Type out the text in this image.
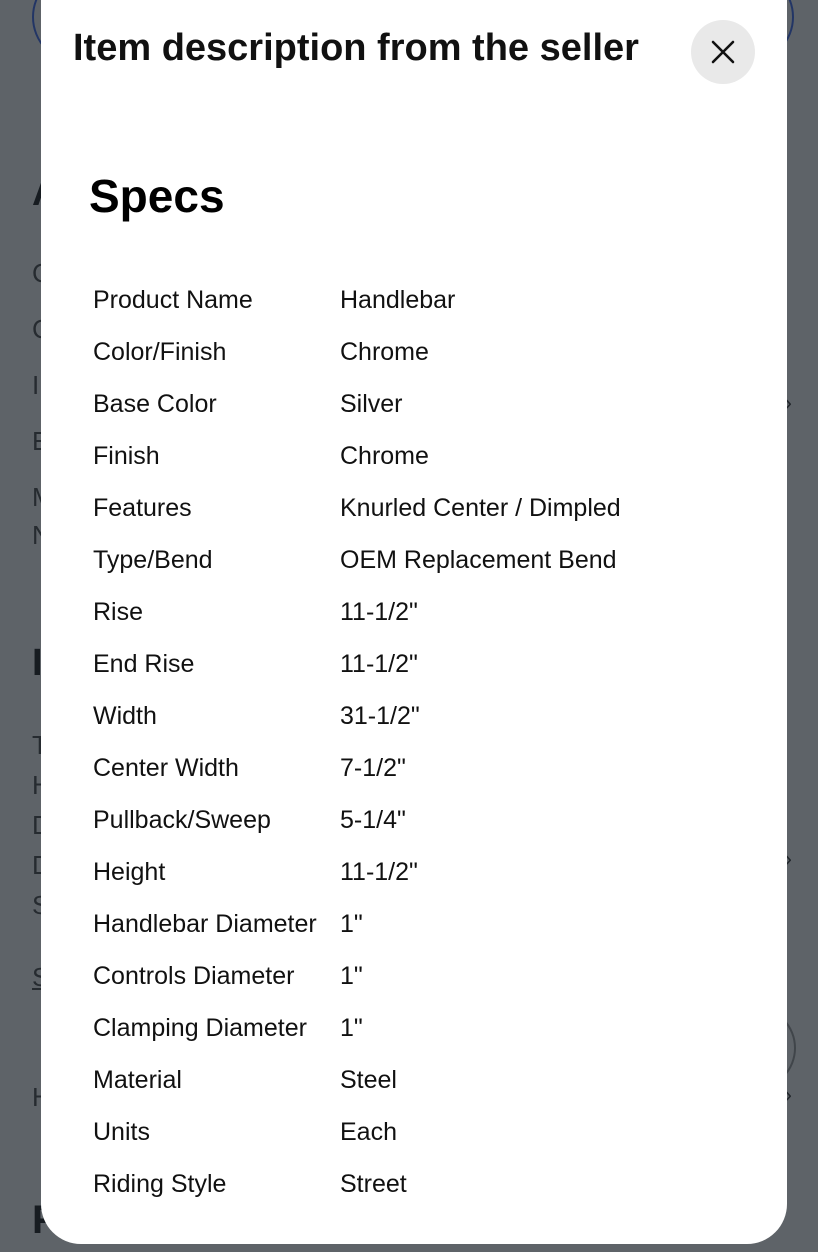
Item description from the seller
Specs
Product Name	Handlebar
Color/Finish	Chrome
Base Color	Silver
Finish	Chrome
Features	Knurled Center / Dimpled
Type/Bend	OEM Replacement Bend
Rise	11-1/2"
End Rise	11-1/2"
Width	31-1/2"
Center Width	7-1/2"
Pullback/Sweep	5-1/4"
Height	11-1/2"
Handlebar Diameter	1"
Controls Diameter	1"
Clamping Diameter	1"
Material	Steel
Units	Each
Riding Style	Street
